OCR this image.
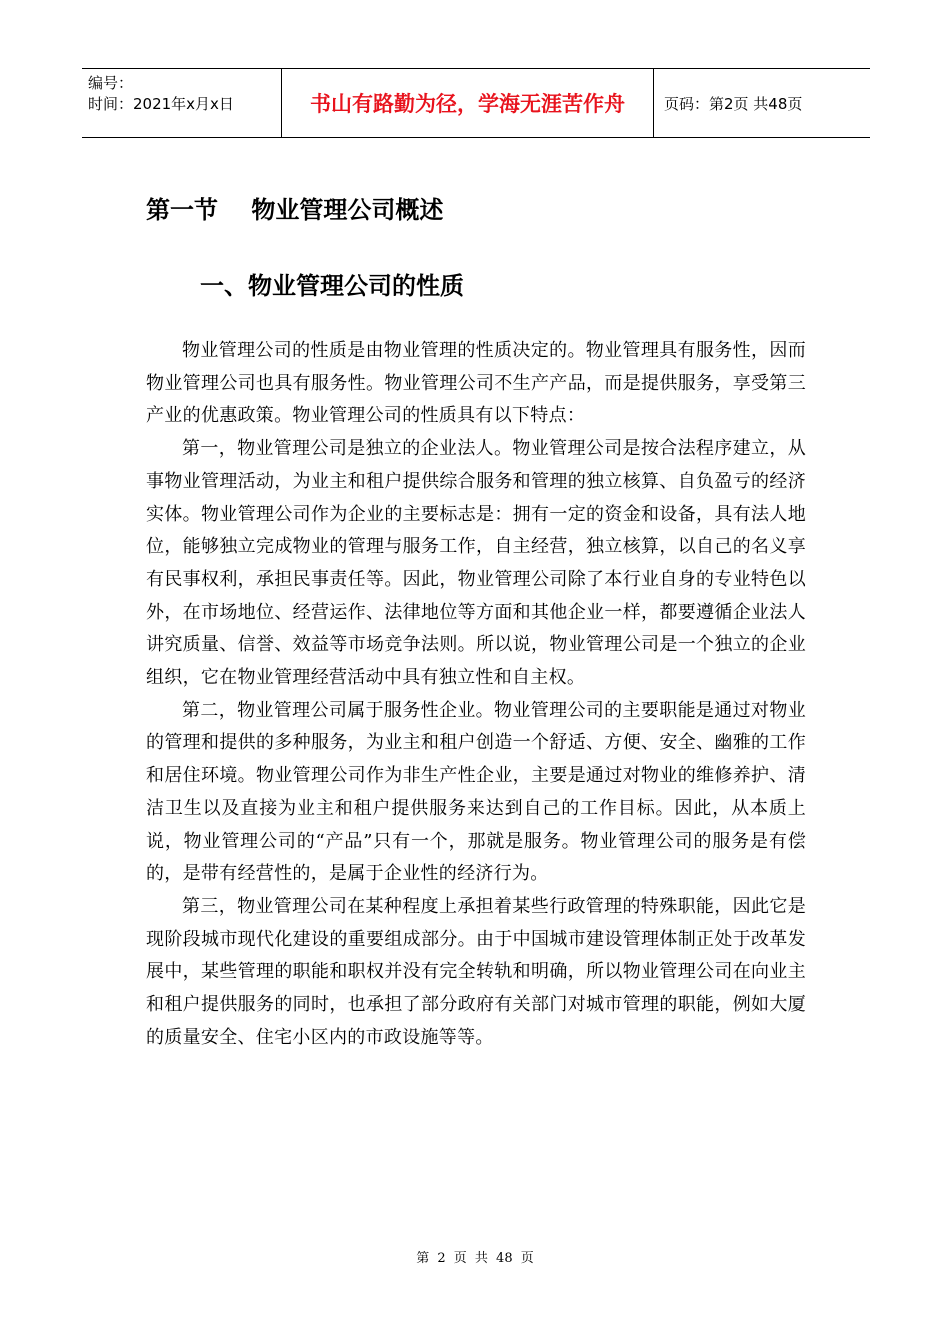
编号：
时间：2021年x月x日	书山有路勤为径，学海无涯苦作舟	页码：第2页 共48页
第一节    物业管理公司概述
一、物业管理公司的性质

物业管理公司的性质是由物业管理的性质决定的。物业管理具有服务性，因而物业管理公司也具有服务性。物业管理公司不生产产品，而是提供服务，享受第三产业的优惠政策。物业管理公司的性质具有以下特点：

第一，物业管理公司是独立的企业法人。物业管理公司是按合法程序建立，从事物业管理活动，为业主和租户提供综合服务和管理的独立核算、自负盈亏的经济实体。物业管理公司作为企业的主要标志是：拥有一定的资金和设备，具有法人地位，能够独立完成物业的管理与服务工作，自主经营，独立核算，以自己的名义享有民事权利，承担民事责任等。因此，物业管理公司除了本行业自身的专业特色以外，在市场地位、经营运作、法律地位等方面和其他企业一样，都要遵循企业法人讲究质量、信誉、效益等市场竞争法则。所以说，物业管理公司是一个独立的企业组织，它在物业管理经营活动中具有独立性和自主权。

第二，物业管理公司属于服务性企业。物业管理公司的主要职能是通过对物业的管理和提供的多种服务，为业主和租户创造一个舒适、方便、安全、幽雅的工作和居住环境。物业管理公司作为非生产性企业，主要是通过对物业的维修养护、清洁卫生以及直接为业主和租户提供服务来达到自己的工作目标。因此，从本质上说，物业管理公司的“产品”只有一个，那就是服务。物业管理公司的服务是有偿的，是带有经营性的，是属于企业性的经济行为。

第三，物业管理公司在某种程度上承担着某些行政管理的特殊职能，因此它是现阶段城市现代化建设的重要组成部分。由于中国城市建设管理体制正处于改革发展中，某些管理的职能和职权并没有完全转轨和明确，所以物业管理公司在向业主和租户提供服务的同时，也承担了部分政府有关部门对城市管理的职能，例如大厦的质量安全、住宅小区内的市政设施等等。

第 2 页 共 48 页
